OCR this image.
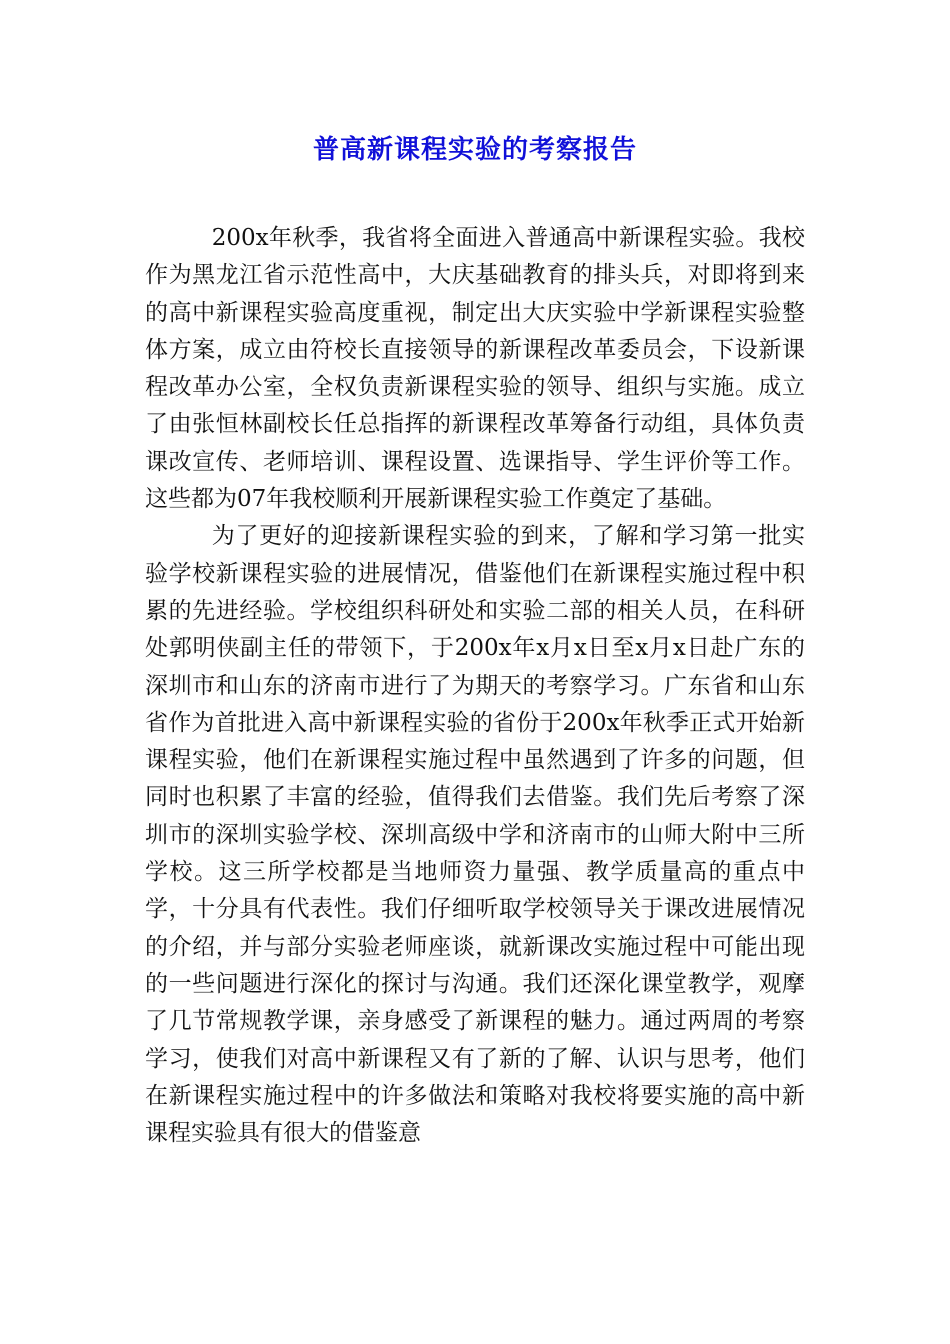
普高新课程实验的考察报告

200x年秋季，我省将全面进入普通高中新课程实验。我校作为黑龙江省示范性高中，大庆基础教育的排头兵，对即将到来的高中新课程实验高度重视，制定出大庆实验中学新课程实验整体方案，成立由符校长直接领导的新课程改革委员会，下设新课程改革办公室，全权负责新课程实验的领导、组织与实施。成立了由张恒林副校长任总指挥的新课程改革筹备行动组，具体负责课改宣传、老师培训、课程设置、选课指导、学生评价等工作。这些都为07年我校顺利开展新课程实验工作奠定了基础。

为了更好的迎接新课程实验的到来，了解和学习第一批实验学校新课程实验的进展情况，借鉴他们在新课程实施过程中积累的先进经验。学校组织科研处和实验二部的相关人员，在科研处郭明侠副主任的带领下，于200x年x月x日至x月x日赴广东的深圳市和山东的济南市进行了为期天的考察学习。广东省和山东省作为首批进入高中新课程实验的省份于200x年秋季正式开始新课程实验，他们在新课程实施过程中虽然遇到了许多的问题，但同时也积累了丰富的经验，值得我们去借鉴。我们先后考察了深圳市的深圳实验学校、深圳高级中学和济南市的山师大附中三所学校。这三所学校都是当地师资力量强、教学质量高的重点中学，十分具有代表性。我们仔细听取学校领导关于课改进展情况的介绍，并与部分实验老师座谈，就新课改实施过程中可能出现的一些问题进行深化的探讨与沟通。我们还深化课堂教学，观摩了几节常规教学课，亲身感受了新课程的魅力。通过两周的考察学习，使我们对高中新课程又有了新的了解、认识与思考，他们在新课程实施过程中的许多做法和策略对我校将要实施的高中新课程实验具有很大的借鉴意
